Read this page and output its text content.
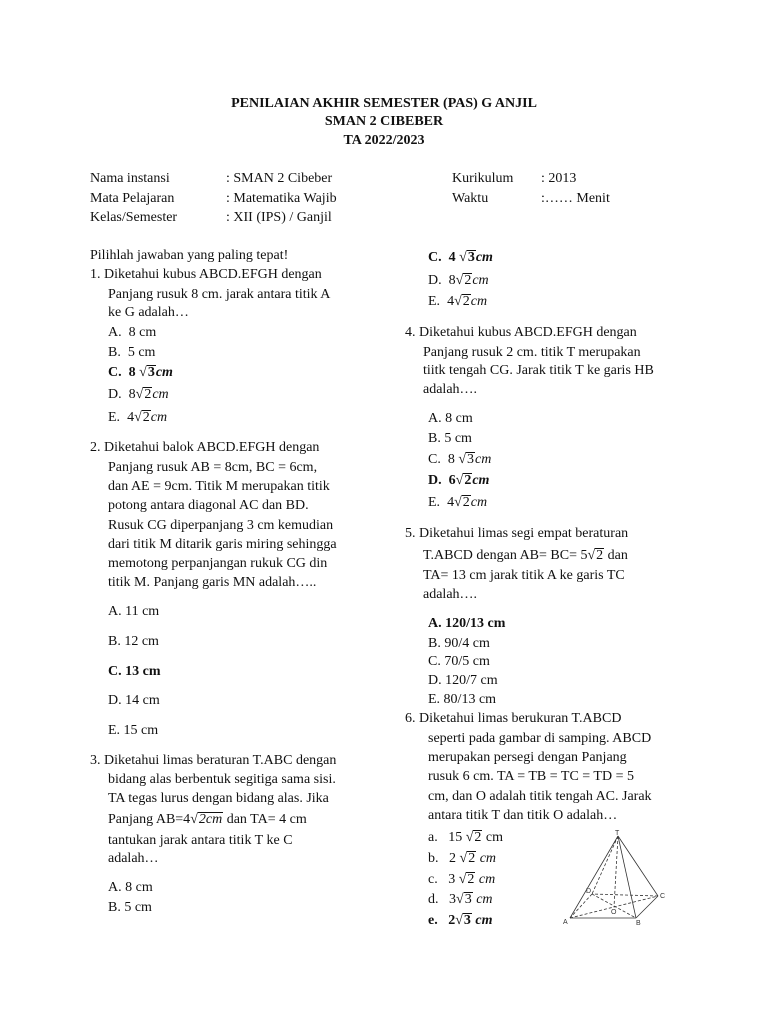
PENILAIAN AKHIR SEMESTER (PAS) G ANJIL
SMAN 2 CIBEBER
TA 2022/2023
Nama instansi	: SMAN 2 Cibeber
Mata Pelajaran	: Matematika Wajib
Kelas/Semester	: XII (IPS) / Ganjil
Kurikulum : 2013
Waktu	:…… Menit
Pilihlah jawaban yang paling tepat!
1. Diketahui kubus ABCD.EFGH dengan
Panjang rusuk 8 cm. jarak antara titik A
ke G adalah…
A. 8 cm
B. 5 cm
C. 8 √3cm
D. 8√2cm
E. 4√2cm
2. Diketahui balok ABCD.EFGH dengan
Panjang rusuk AB = 8cm, BC = 6cm,
dan AE = 9cm. Titik M merupakan titik
potong antara diagonal AC dan BD.
Rusuk CG diperpanjang 3 cm kemudian
dari titik M ditarik garis miring sehingga
memotong perpanjangan rukuk CG din
titik M. Panjang garis MN adalah…..
A. 11 cm
B. 12 cm
C. 13 cm
D. 14 cm
E. 15 cm
3. Diketahui limas beraturan T.ABC dengan
bidang alas berbentuk segitiga sama sisi.
TA tegas lurus dengan bidang alas. Jika
Panjang AB=4√2cm dan TA= 4 cm
tantukan jarak antara titik T ke C
adalah…
A. 8 cm
B. 5 cm
C. 4 √3cm
D. 8√2cm
E. 4√2cm
4. Diketahui kubus ABCD.EFGH dengan
Panjang rusuk 2 cm. titik T merupakan
tiitk tengah CG. Jarak titik T ke garis HB
adalah….
A. 8 cm
B. 5 cm
C. 8 √3cm
D. 6√2cm
E. 4√2cm
5. Diketahui limas segi empat beraturan
T.ABCD dengan AB= BC= 5√2 dan
TA= 13 cm jarak titik A ke garis TC
adalah….
A. 120/13 cm
B. 90/4 cm
C. 70/5 cm
D. 120/7 cm
E. 80/13 cm
6. Diketahui limas berukuran T.ABCD
seperti pada gambar di samping. ABCD
merupakan persegi dengan Panjang
rusuk 6 cm. TA = TB = TC = TD = 5
cm, dan O adalah titik tengah AC. Jarak
antara titik T dan titik O adalah…
a. 15 √2 cm
b. 2 √2 cm
c. 3 √2 cm
d. 3√3 cm
e. 2√3 cm
T
D
C
O
A	B
